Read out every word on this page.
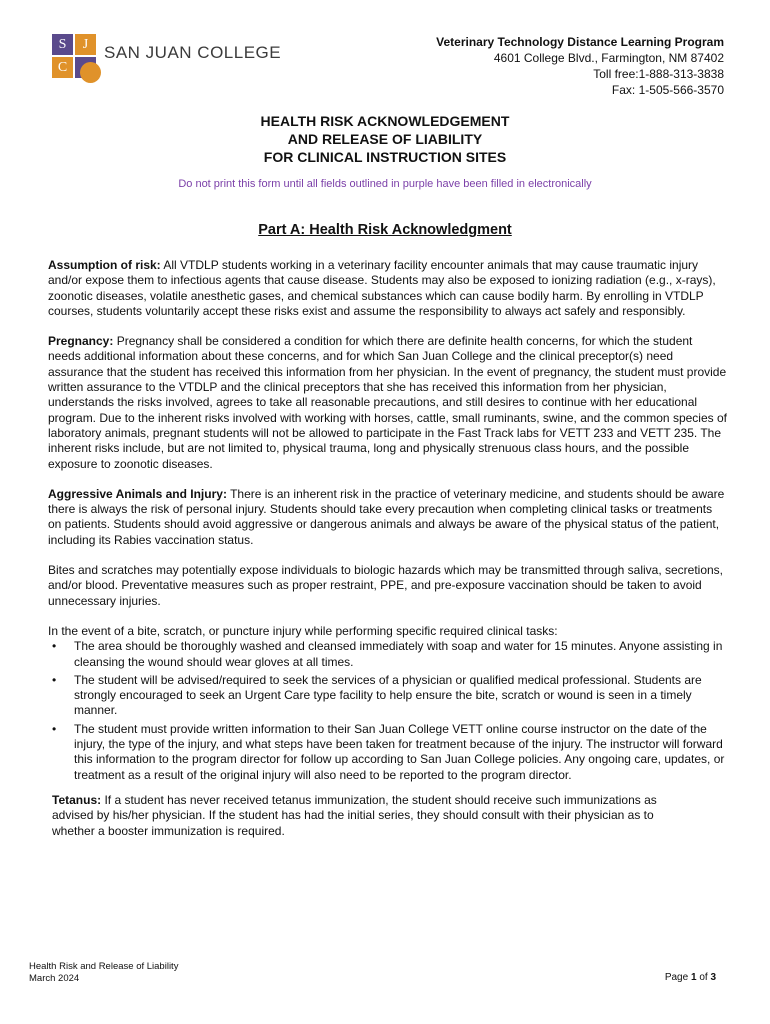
S	J
C
SAN JUAN COLLEGE
Veterinary Technology Distance Learning Program
4601 College Blvd., Farmington, NM 87402
Toll free:1-888-313-3838
Fax: 1-505-566-3570
HEALTH RISK ACKNOWLEDGEMENT
AND RELEASE OF LIABILITY
FOR CLINICAL INSTRUCTION SITES
Do not print this form until all fields outlined in purple have been filled in electronically
Part A: Health Risk Acknowledgment

Assumption of risk: All VTDLP students working in a veterinary facility encounter animals that may cause traumatic injury and/or expose them to infectious agents that cause disease. Students may also be exposed to ionizing radiation (e.g., x-rays), zoonotic diseases, volatile anesthetic gases, and chemical substances which can cause bodily harm. By enrolling in VTDLP courses, students voluntarily accept these risks exist and assume the responsibility to always act safely and responsibly.

Pregnancy: Pregnancy shall be considered a condition for which there are definite health concerns, for which the student needs additional information about these concerns, and for which San Juan College and the clinical preceptor(s) need assurance that the student has received this information from her physician. In the event of pregnancy, the student must provide written assurance to the VTDLP and the clinical preceptors that she has received this information from her physician, understands the risks involved, agrees to take all reasonable precautions, and still desires to continue with her educational program. Due to the inherent risks involved with working with horses, cattle, small ruminants, swine, and the common species of laboratory animals, pregnant students will not be allowed to participate in the Fast Track labs for VETT 233 and VETT 235. The inherent risks include, but are not limited to, physical trauma, long and physically strenuous class hours, and the possible exposure to zoonotic diseases.

Aggressive Animals and Injury: There is an inherent risk in the practice of veterinary medicine, and students should be aware there is always the risk of personal injury. Students should take every precaution when completing clinical tasks or treatments on patients. Students should avoid aggressive or dangerous animals and always be aware of the physical status of the patient, including its Rabies vaccination status.

Bites and scratches may potentially expose individuals to biologic hazards which may be transmitted through saliva, secretions, and/or blood. Preventative measures such as proper restraint, PPE, and pre-exposure vaccination should be taken to avoid unnecessary injuries.

In the event of a bite, scratch, or puncture injury while performing specific required clinical tasks:

• The area should be thoroughly washed and cleansed immediately with soap and water for 15 minutes. Anyone assisting in cleansing the wound should wear gloves at all times.
• The student will be advised/required to seek the services of a physician or qualified medical professional. Students are strongly encouraged to seek an Urgent Care type facility to help ensure the bite, scratch or wound is seen in a timely manner.
• The student must provide written information to their San Juan College VETT online course instructor on the date of the injury, the type of the injury, and what steps have been taken for treatment because of the injury. The instructor will forward this information to the program director for follow up according to San Juan College policies. Any ongoing care, updates, or treatment as a result of the original injury will also need to be reported to the program director.

Tetanus: If a student has never received tetanus immunization, the student should receive such immunizations as advised by his/her physician. If the student has had the initial series, they should consult with their physician as to whether a booster immunization is required.

Health Risk and Release of Liability
March 2024	Page 1 of 3
